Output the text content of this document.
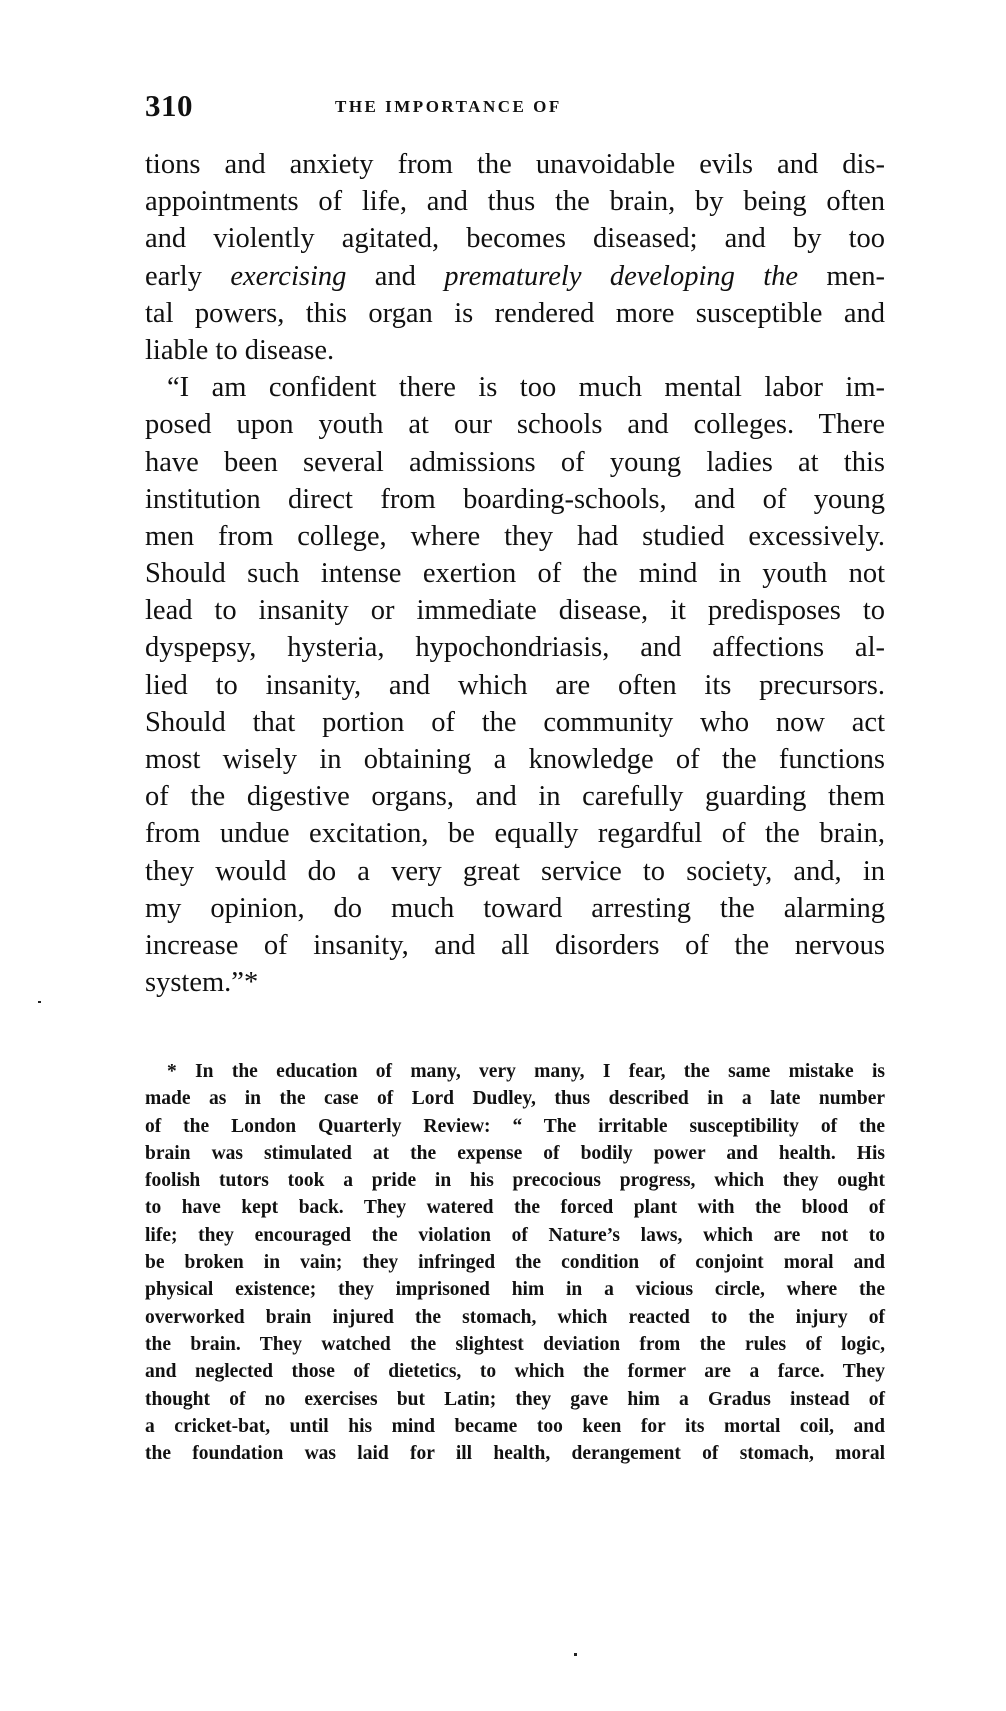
310	THE IMPORTANCE OF
tions and anxiety from the unavoidable evils and dis-
appointments of life, and thus the brain, by being often
and violently agitated, becomes diseased; and by too
early exercising and prematurely developing the men-
tal powers, this organ is rendered more susceptible and
liable to disease.
“I am confident there is too much mental labor im-
posed upon youth at our schools and colleges. There
have been several admissions of young ladies at this
institution direct from boarding-schools, and of young
men from college, where they had studied excessively.
Should such intense exertion of the mind in youth not
lead to insanity or immediate disease, it predisposes to
dyspepsy, hysteria, hypochondriasis, and affections al-
lied to insanity, and which are often its precursors.
Should that portion of the community who now act
most wisely in obtaining a knowledge of the functions
of the digestive organs, and in carefully guarding them
from undue excitation, be equally regardful of the brain,
they would do a very great service to society, and, in
my opinion, do much toward arresting the alarming
increase of insanity, and all disorders of the nervous
system.”*
* In the education of many, very many, I fear, the same mistake is
made as in the case of Lord Dudley, thus described in a late number
of the London Quarterly Review: “ The irritable susceptibility of the
brain was stimulated at the expense of bodily power and health. His
foolish tutors took a pride in his precocious progress, which they ought
to have kept back. They watered the forced plant with the blood of
life; they encouraged the violation of Nature’s laws, which are not to
be broken in vain; they infringed the condition of conjoint moral and
physical existence; they imprisoned him in a vicious circle, where the
overworked brain injured the stomach, which reacted to the injury of
the brain. They watched the slightest deviation from the rules of logic,
and neglected those of dietetics, to which the former are a farce. They
thought of no exercises but Latin; they gave him a Gradus instead of
a cricket-bat, until his mind became too keen for its mortal coil, and
the foundation was laid for ill health, derangement of stomach, moral
